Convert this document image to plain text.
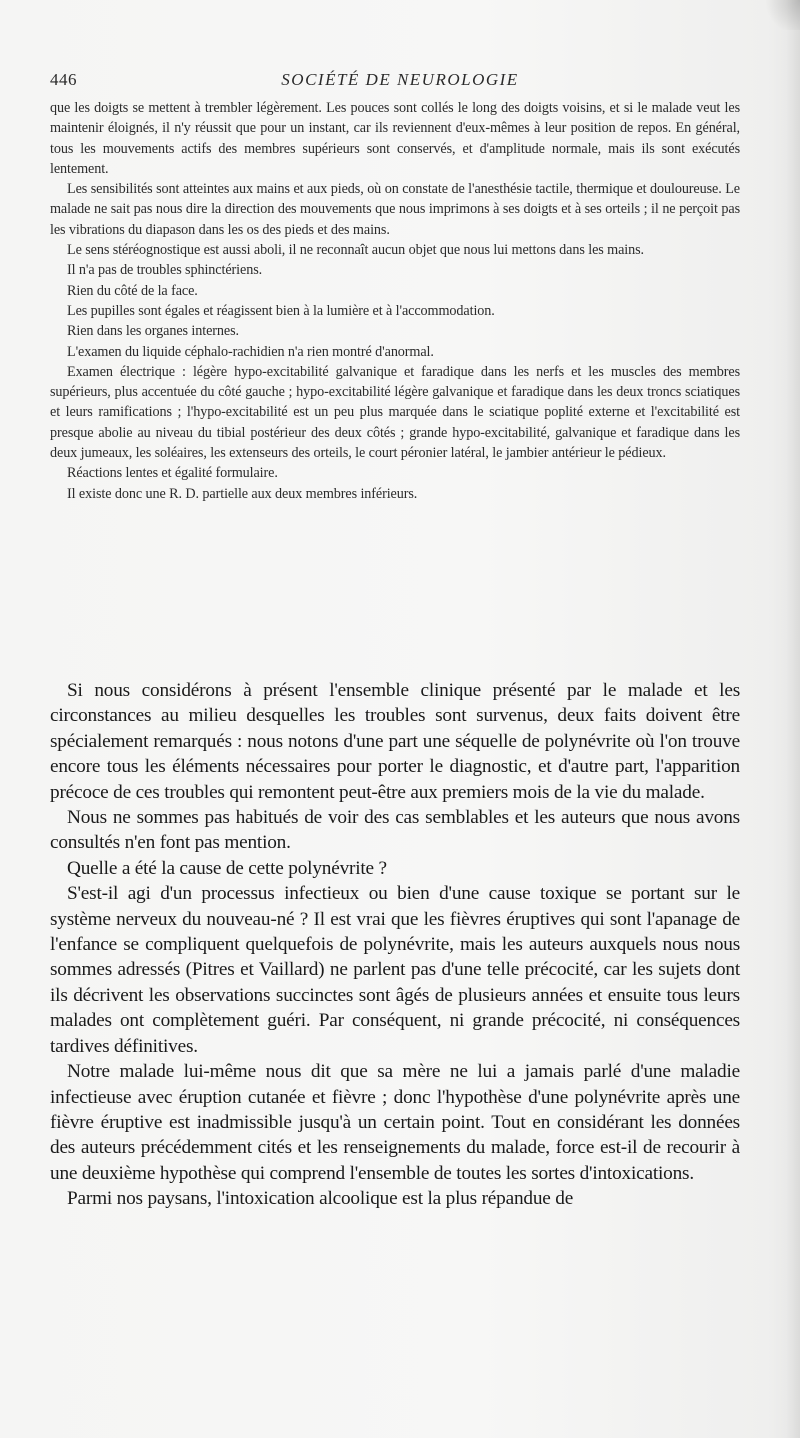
446	SOCIÉTÉ DE NEUROLOGIE

que les doigts se mettent à trembler légèrement. Les pouces sont collés le long des doigts voisins, et si le malade veut les maintenir éloignés, il n'y réussit que pour un instant, car ils reviennent d'eux-mêmes à leur position de repos. En général, tous les mouvements actifs des membres supérieurs sont conservés, et d'amplitude normale, mais ils sont exécutés lentement.

Les sensibilités sont atteintes aux mains et aux pieds, où on constate de l'anesthésie tactile, thermique et douloureuse. Le malade ne sait pas nous dire la direction des mouvements que nous imprimons à ses doigts et à ses orteils ; il ne perçoit pas les vibrations du diapason dans les os des pieds et des mains.

Le sens stéréognostique est aussi aboli, il ne reconnaît aucun objet que nous lui mettons dans les mains.

Il n'a pas de troubles sphinctériens.

Rien du côté de la face.

Les pupilles sont égales et réagissent bien à la lumière et à l'accommodation.

Rien dans les organes internes.

L'examen du liquide céphalo-rachidien n'a rien montré d'anormal.

Examen électrique : légère hypo-excitabilité galvanique et faradique dans les nerfs et les muscles des membres supérieurs, plus accentuée du côté gauche ; hypo-excitabilité légère galvanique et faradique dans les deux troncs sciatiques et leurs ramifications ; l'hypo-excitabilité est un peu plus marquée dans le sciatique poplité externe et l'excitabilité est presque abolie au niveau du tibial postérieur des deux côtés ; grande hypo-excitabilité, galvanique et faradique dans les deux jumeaux, les soléaires, les extenseurs des orteils, le court péronier latéral, le jambier antérieur le pédieux.

Réactions lentes et égalité formulaire.

Il existe donc une R. D. partielle aux deux membres inférieurs.

Si nous considérons à présent l'ensemble clinique présenté par le malade et les circonstances au milieu desquelles les troubles sont survenus, deux faits doivent être spécialement remarqués : nous notons d'une part une séquelle de polynévrite où l'on trouve encore tous les éléments nécessaires pour porter le diagnostic, et d'autre part, l'apparition précoce de ces troubles qui remontent peut-être aux premiers mois de la vie du malade.

Nous ne sommes pas habitués de voir des cas semblables et les auteurs que nous avons consultés n'en font pas mention.

Quelle a été la cause de cette polynévrite ?

S'est-il agi d'un processus infectieux ou bien d'une cause toxique se portant sur le système nerveux du nouveau-né ? Il est vrai que les fièvres éruptives qui sont l'apanage de l'enfance se compliquent quelquefois de polynévrite, mais les auteurs auxquels nous nous sommes adressés (Pitres et Vaillard) ne parlent pas d'une telle précocité, car les sujets dont ils décrivent les observations succinctes sont âgés de plusieurs années et ensuite tous leurs malades ont complètement guéri. Par conséquent, ni grande précocité, ni conséquences tardives définitives.

Notre malade lui-même nous dit que sa mère ne lui a jamais parlé d'une maladie infectieuse avec éruption cutanée et fièvre ; donc l'hypothèse d'une polynévrite après une fièvre éruptive est inadmissible jusqu'à un certain point. Tout en considérant les données des auteurs précédemment cités et les renseignements du malade, force est-il de recourir à une deuxième hypothèse qui comprend l'ensemble de toutes les sortes d'intoxications.

Parmi nos paysans, l'intoxication alcoolique est la plus répandue de
